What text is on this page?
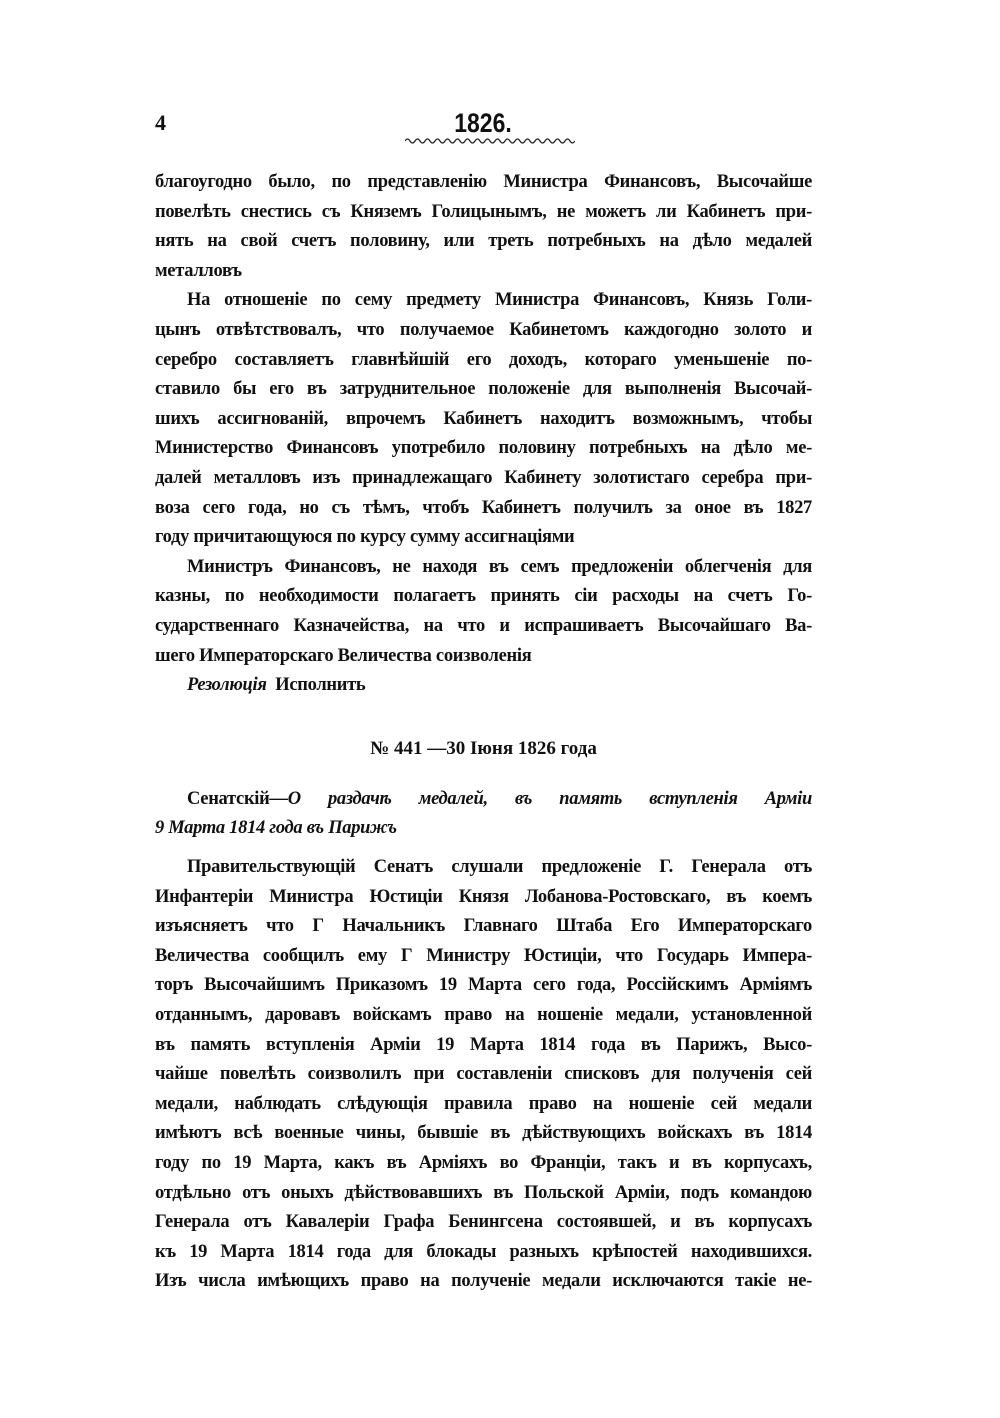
4	1826.
благоугодно было, по представленію Министра Финансовъ, Высочайше
повелѣть снестись съ Княземъ Голицынымъ, не можетъ ли Кабинетъ при-
нять на свой счетъ половину, или треть потребныхъ на дѣло медалей
металловъ
На отношеніе по сему предмету Министра Финансовъ, Князь Голи-
цынъ отвѣтствовалъ, что получаемое Кабинетомъ каждогодно золото и
серебро составляетъ главнѣйшій его доходъ, котораго уменьшеніе по-
ставило бы его въ затруднительное положеніе для выполненія Высочай-
шихъ ассигнованій, впрочемъ Кабинетъ находитъ возможнымъ, чтобы
Министерство Финансовъ употребило половину потребныхъ на дѣло ме-
далей металловъ изъ принадлежащаго Кабинету золотистаго серебра при-
воза сего года, но съ тѣмъ, чтобъ Кабинетъ получилъ за оное въ 1827
году причитающуюся по курсу сумму ассигнацiями
Министръ Финансовъ, не находя въ семъ предложеніи облегченія для
казны, по необходимости полагаетъ принять сіи расходы на счетъ Го-
сударственнаго Казначейства, на что и испрашиваетъ Высочайшаго Ва-
шего Императорскаго Величества соизволенія
Резолюція Исполнить
№ 441 —30 Іюня 1826 года
Сенатскій—О раздачѣ медалей, въ память вступленія Арміи
9 Марта 1814 года въ Парижъ
Правительствующій Сенатъ слушали предложеніе Г. Генерала отъ
Инфантеріи Министра Юстиціи Князя Лобанова-Ростовскаго, въ коемъ
изъясняетъ что Г Начальникъ Главнаго Штаба Его Императорскаго
Величества сообщилъ ему Г Министру Юстиціи, что Государь Импера-
торъ Высочайшимъ Приказомъ 19 Марта сего года, Россійскимъ Арміямъ
отданнымъ, даровавъ войскамъ право на ношеніе медали, установленной
въ память вступленія Арміи 19 Марта 1814 года въ Парижъ, Высо-
чайше повелѣть соизволилъ при составленіи списковъ для полученія сей
медали, наблюдать слѣдующія правила право на ношеніе сей медали
имѣютъ всѣ военные чины, бывшіе въ дѣйствующихъ войскахъ въ 1814
году по 19 Марта, какъ въ Арміяхъ во Франціи, такъ и въ корпусахъ,
отдѣльно отъ оныхъ дѣйствовавшихъ въ Польской Арміи, подъ командою
Генерала отъ Кавалеріи Графа Бенингсена состоявшей, и въ корпусахъ
къ 19 Марта 1814 года для блокады разныхъ крѣпостей находившихся.
Изъ числа имѣющихъ право на полученіе медали исключаются такіе не-
